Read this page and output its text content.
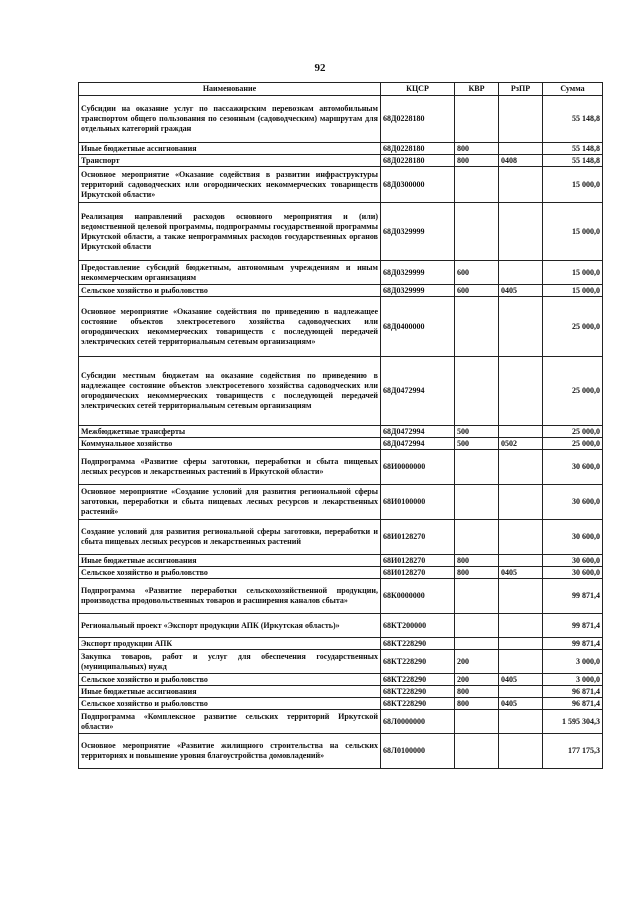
92
Наименование	КЦСР	КВР	РзПР	Сумма
Субсидии на оказание услуг по пассажирским перевозкам автомобильным транспортом общего пользования по сезонным (садоводческим) маршрутам для отдельных категорий граждан	68Д0228180			55 148,8
Иные бюджетные ассигнования	68Д0228180	800		55 148,8
Транспорт	68Д0228180	800	0408	55 148,8
Основное мероприятие «Оказание содействия в развитии инфраструктуры территорий садоводческих или огороднических некоммерческих товариществ Иркутской области»	68Д0300000			15 000,0
Реализация направлений расходов основного мероприятия и (или) ведомственной целевой программы, подпрограммы государственной программы Иркутской области, а также непрограммных расходов государственных органов Иркутской области	68Д0329999			15 000,0
Предоставление субсидий бюджетным, автономным учреждениям и иным некоммерческим организациям	68Д0329999	600		15 000,0
Сельское хозяйство и рыболовство	68Д0329999	600	0405	15 000,0
Основное мероприятие «Оказание содействия по приведению в надлежащее состояние объектов электросетевого хозяйства садоводческих или огороднических некоммерческих товариществ с последующей передачей электрических сетей территориальным сетевым организациям»	68Д0400000			25 000,0
Субсидии местным бюджетам на оказание содействия по приведению в надлежащее состояние объектов электросетевого хозяйства садоводческих или огороднических некоммерческих товариществ с последующей передачей электрических сетей территориальным сетевым организациям	68Д0472994			25 000,0
Межбюджетные трансферты	68Д0472994	500		25 000,0
Коммунальное хозяйство	68Д0472994	500	0502	25 000,0
Подпрограмма «Развитие сферы заготовки, переработки и сбыта пищевых лесных ресурсов и лекарственных растений в Иркутской области»	68И0000000			30 600,0
Основное мероприятие «Создание условий для развития региональной сферы заготовки, переработки и сбыта пищевых лесных ресурсов и лекарственных растений»	68И0100000			30 600,0
Создание условий для развития региональной сферы заготовки, переработки и сбыта пищевых лесных ресурсов и лекарственных растений	68И0128270			30 600,0
Иные бюджетные ассигнования	68И0128270	800		30 600,0
Сельское хозяйство и рыболовство	68И0128270	800	0405	30 600,0
Подпрограмма «Развитие переработки сельскохозяйственной продукции, производства продовольственных товаров и расширения каналов сбыта»	68К0000000			99 871,4
Региональный проект «Экспорт продукции АПК (Иркутская область)»	68КТ200000			99 871,4
Экспорт продукции АПК	68КТ228290			99 871,4
Закупка товаров, работ и услуг для обеспечения государственных (муниципальных) нужд	68КТ228290	200		3 000,0
Сельское хозяйство и рыболовство	68КТ228290	200	0405	3 000,0
Иные бюджетные ассигнования	68КТ228290	800		96 871,4
Сельское хозяйство и рыболовство	68КТ228290	800	0405	96 871,4
Подпрограмма «Комплексное развитие сельских территорий Иркутской области»	68Л0000000			1 595 304,3
Основное мероприятие «Развитие жилищного строительства на сельских территориях и повышение уровня благоустройства домовладений»	68Л0100000			177 175,3
